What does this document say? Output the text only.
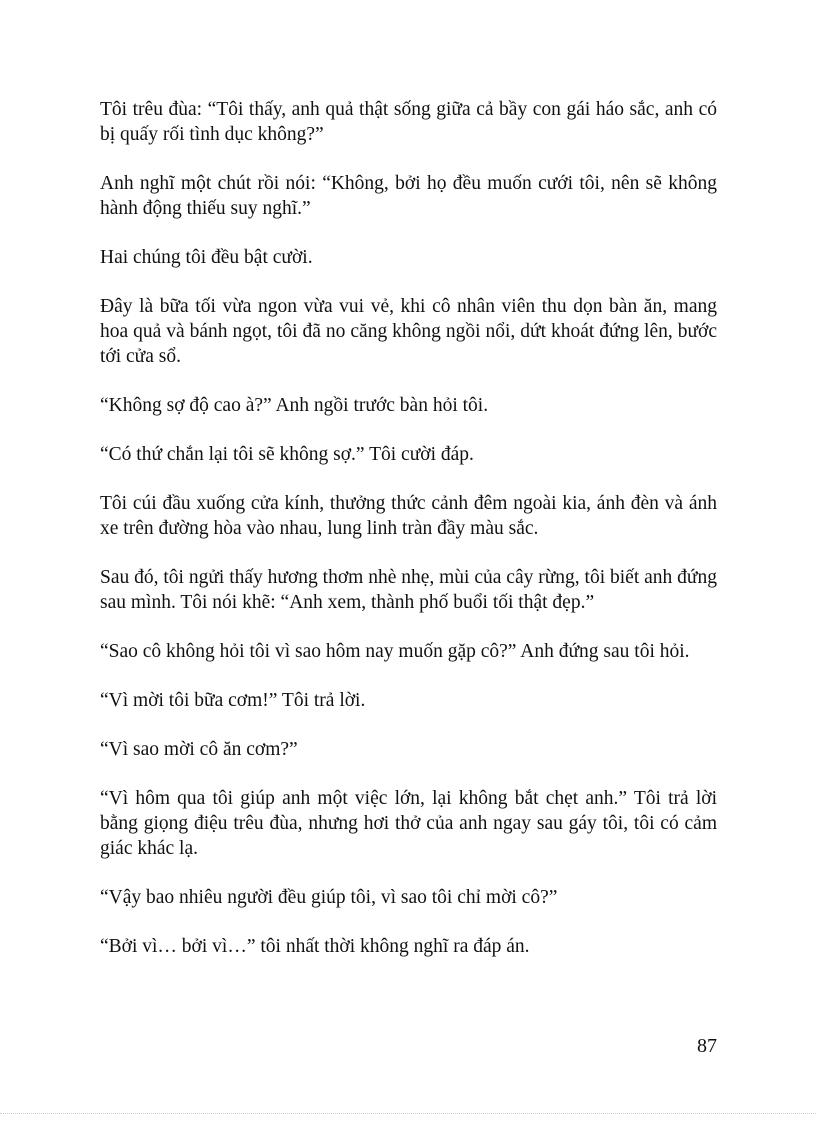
Tôi trêu đùa: “Tôi thấy, anh quả thật sống giữa cả bầy con gái háo sắc, anh có bị quấy rối tình dục không?”

Anh nghĩ một chút rồi nói: “Không, bởi họ đều muốn cưới tôi, nên sẽ không hành động thiếu suy nghĩ.”

Hai chúng tôi đều bật cười.

Đây là bữa tối vừa ngon vừa vui vẻ, khi cô nhân viên thu dọn bàn ăn, mang hoa quả và bánh ngọt, tôi đã no căng không ngồi nổi, dứt khoát đứng lên, bước tới cửa sổ.

“Không sợ độ cao à?” Anh ngồi trước bàn hỏi tôi.

“Có thứ chắn lại tôi sẽ không sợ.” Tôi cười đáp.

Tôi cúi đầu xuống cửa kính, thưởng thức cảnh đêm ngoài kia, ánh đèn và ánh xe trên đường hòa vào nhau, lung linh tràn đầy màu sắc.

Sau đó, tôi ngửi thấy hương thơm nhè nhẹ, mùi của cây rừng, tôi biết anh đứng sau mình. Tôi nói khẽ: “Anh xem, thành phố buổi tối thật đẹp.”

“Sao cô không hỏi tôi vì sao hôm nay muốn gặp cô?” Anh đứng sau tôi hỏi.

“Vì mời tôi bữa cơm!” Tôi trả lời.

“Vì sao mời cô ăn cơm?”

“Vì hôm qua tôi giúp anh một việc lớn, lại không bắt chẹt anh.” Tôi trả lời bằng giọng điệu trêu đùa, nhưng hơi thở của anh ngay sau gáy tôi, tôi có cảm giác khác lạ.

“Vậy bao nhiêu người đều giúp tôi, vì sao tôi chỉ mời cô?”

“Bởi vì… bởi vì…” tôi nhất thời không nghĩ ra đáp án.

87
